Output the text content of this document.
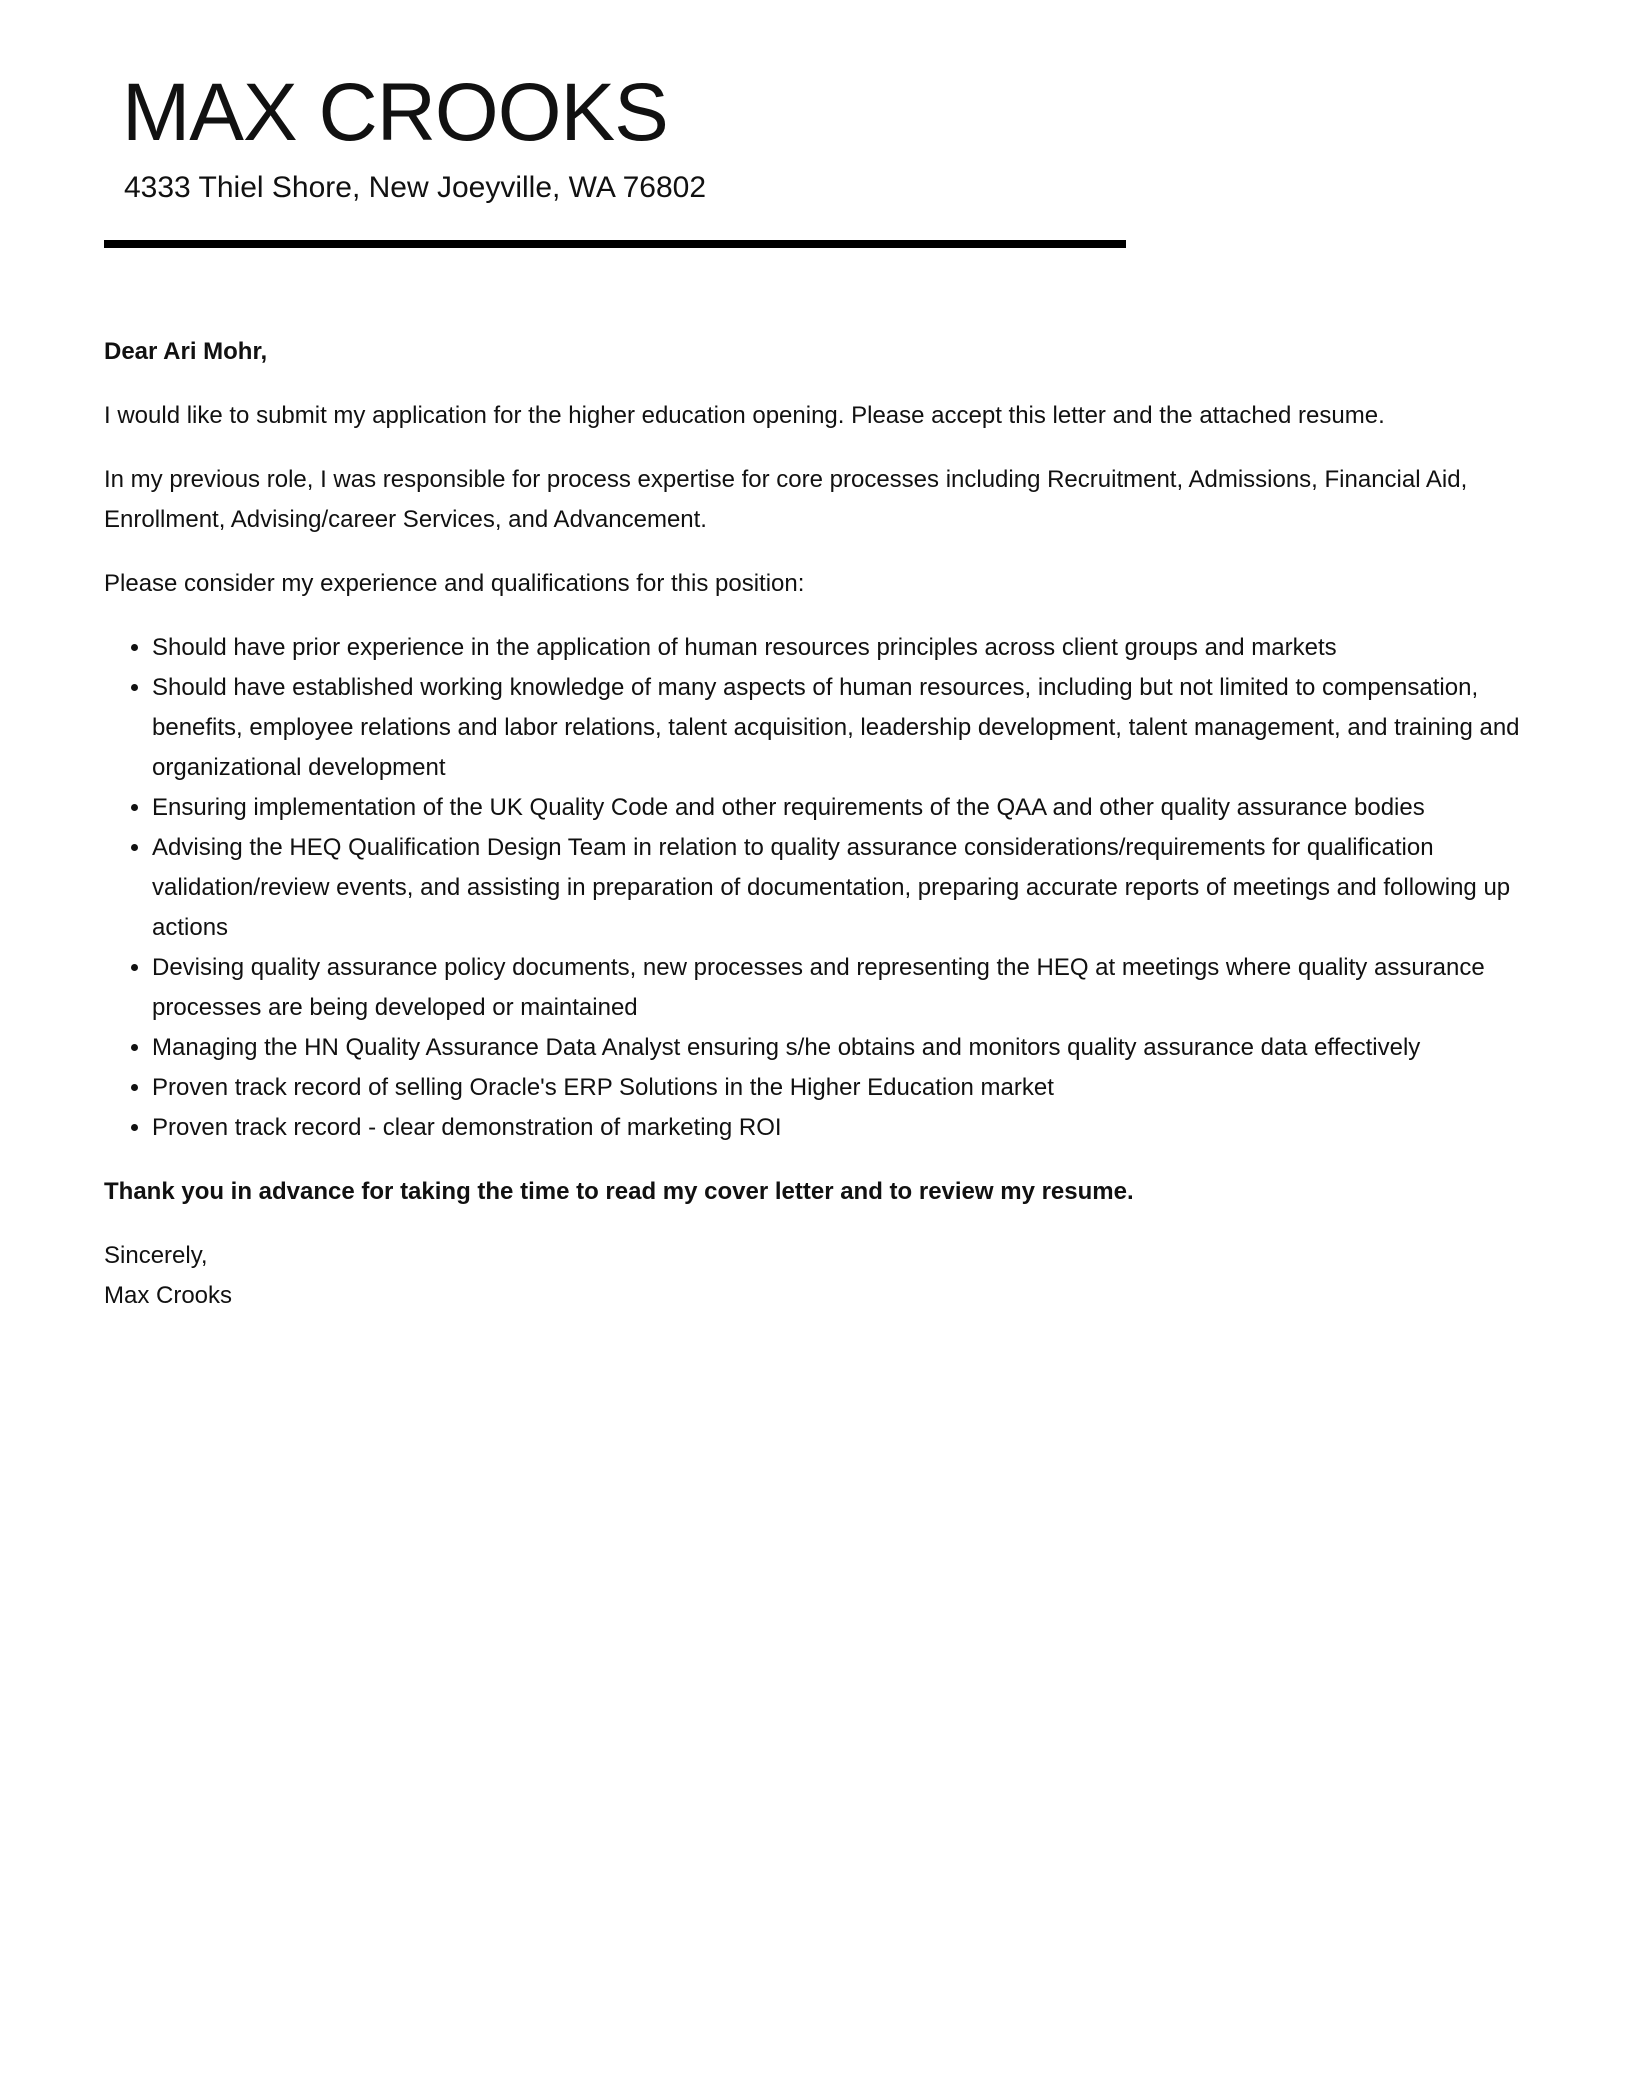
MAX CROOKS
4333 Thiel Shore, New Joeyville, WA 76802

Dear Ari Mohr,

I would like to submit my application for the higher education opening. Please accept this letter and the attached resume.

In my previous role, I was responsible for process expertise for core processes including Recruitment, Admissions, Financial Aid, Enrollment, Advising/career Services, and Advancement.

Please consider my experience and qualifications for this position:

• Should have prior experience in the application of human resources principles across client groups and markets
• Should have established working knowledge of many aspects of human resources, including but not limited to compensation, benefits, employee relations and labor relations, talent acquisition, leadership development, talent management, and training and organizational development
• Ensuring implementation of the UK Quality Code and other requirements of the QAA and other quality assurance bodies
• Advising the HEQ Qualification Design Team in relation to quality assurance considerations/requirements for qualification validation/review events, and assisting in preparation of documentation, preparing accurate reports of meetings and following up actions
• Devising quality assurance policy documents, new processes and representing the HEQ at meetings where quality assurance processes are being developed or maintained
• Managing the HN Quality Assurance Data Analyst ensuring s/he obtains and monitors quality assurance data effectively
• Proven track record of selling Oracle's ERP Solutions in the Higher Education market
• Proven track record - clear demonstration of marketing ROI

Thank you in advance for taking the time to read my cover letter and to review my resume.

Sincerely,

Max Crooks
